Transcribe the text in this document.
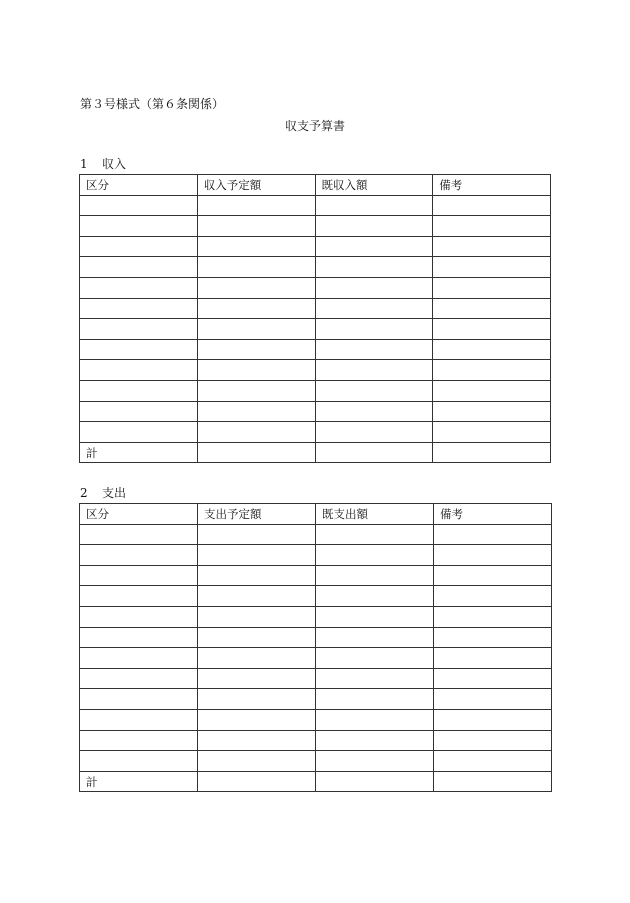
第３号様式（第６条関係）
収支予算書
1 収入
区分	収入予定額	既収入額	備考

計			
2 支出
区分	支出予定額	既支出額	備考

計			
